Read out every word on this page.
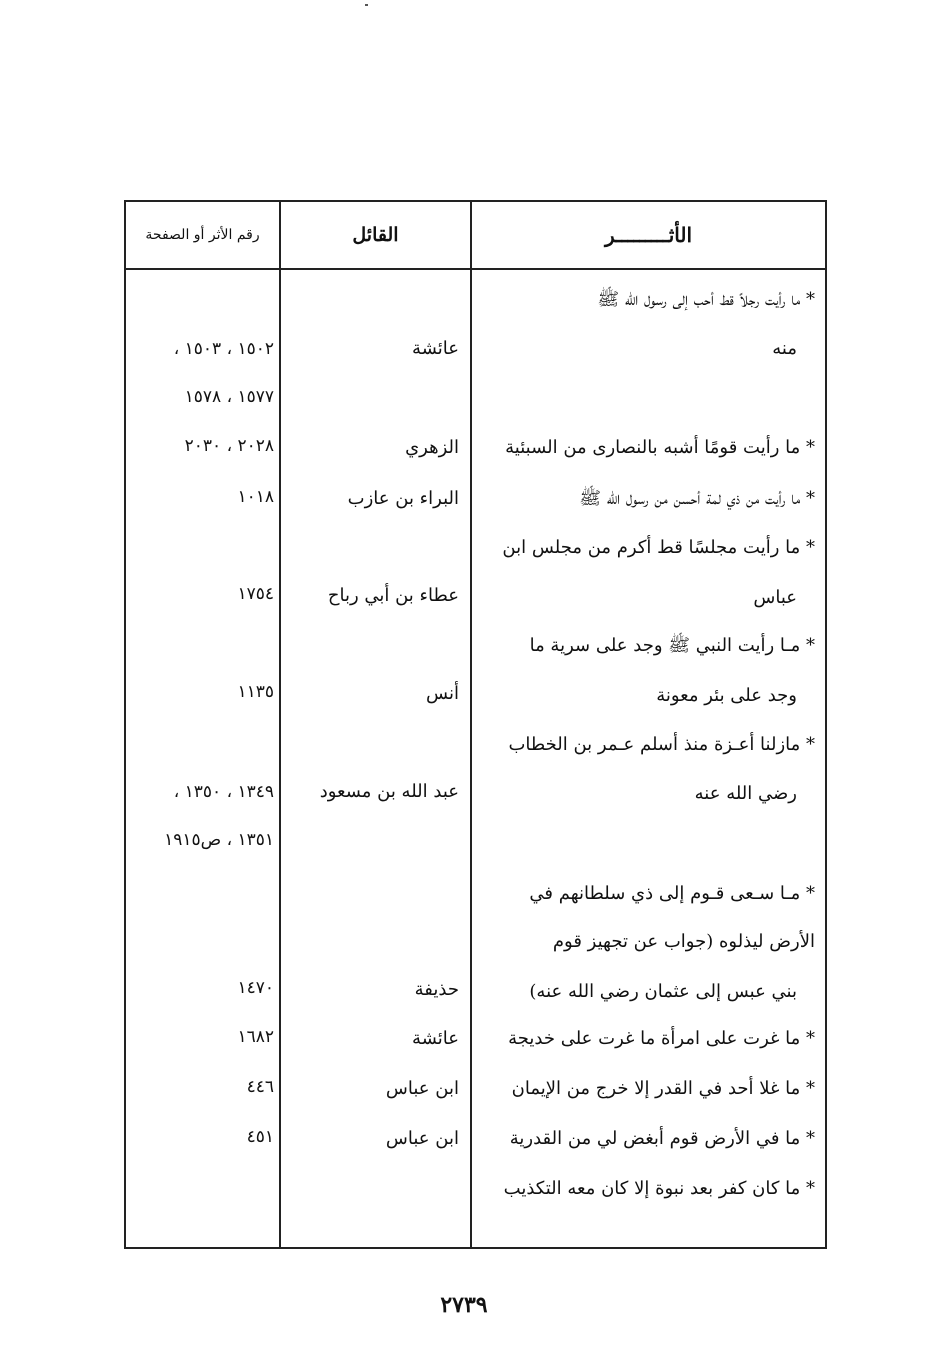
الأثـــــــــر
القائل
رقم الأثر أو الصفحة
* ما رأيت رجلاً قط أحب إلى رسول الله ﷺ
منه
عائشة
١٥٠٢ ، ١٥٠٣ ،
١٥٧٧ ، ١٥٧٨
* ما رأيت قومًا أشبه بالنصارى من السبئية
الزهري
٢٠٢٨ ، ٢٠٣٠
* ما رأيت من ذي لمة أحسن من رسول الله ﷺ
البراء بن عازب
١٠١٨
* ما رأيت مجلسًا قط أكرم من مجلس ابن
عباس
عطاء بن أبي رباح
١٧٥٤
* مـا رأيت النبي ﷺ وجد على سرية ما
وجد على بئر معونة
أنس
١١٣٥
* مازلنا أعـزة منذ أسلم عـمر بن الخطاب
رضي الله عنه
عبد الله بن مسعود
١٣٤٩ ، ١٣٥٠ ،
١٣٥١ ، ص١٩١٥
* مـا سـعى قـوم إلى ذي سلطانهم في
الأرض ليذلوه (جواب عن تجهيز قوم
بني عبس إلى عثمان رضي الله عنه)
حذيفة
١٤٧٠
* ما غرت على امرأة ما غرت على خديجة
عائشة
١٦٨٢
* ما غلا أحد في القدر إلا خرج من الإيمان
ابن عباس
٤٤٦
* ما في الأرض قوم أبغض لي من القدرية
ابن عباس
٤٥١
* ما كان كفر بعد نبوة إلا كان معه التكذيب
٢٧٣٩
